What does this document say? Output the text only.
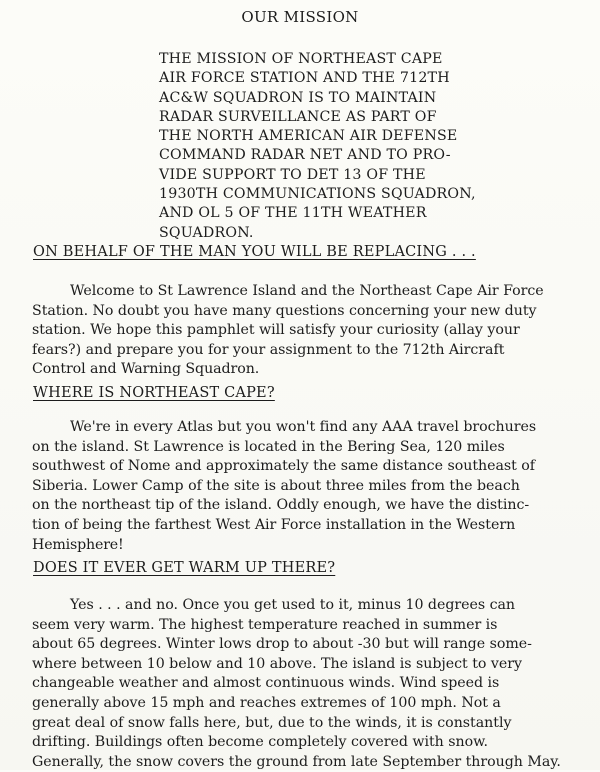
OUR MISSION
THE MISSION OF NORTHEAST CAPE
AIR FORCE STATION AND THE 712TH
AC&W SQUADRON IS TO MAINTAIN
RADAR SURVEILLANCE AS PART OF
THE NORTH AMERICAN AIR DEFENSE
COMMAND RADAR NET AND TO PRO-
VIDE SUPPORT TO DET 13 OF THE
1930TH COMMUNICATIONS SQUADRON,
AND OL 5 OF THE 11TH WEATHER
SQUADRON.
ON BEHALF OF THE MAN YOU WILL BE REPLACING . . .
Welcome to St Lawrence Island and the Northeast Cape Air Force
Station. No doubt you have many questions concerning your new duty
station. We hope this pamphlet will satisfy your curiosity (allay your
fears?) and prepare you for your assignment to the 712th Aircraft
Control and Warning Squadron.
WHERE IS NORTHEAST CAPE?
We're in every Atlas but you won't find any AAA travel brochures
on the island. St Lawrence is located in the Bering Sea, 120 miles
southwest of Nome and approximately the same distance southeast of
Siberia. Lower Camp of the site is about three miles from the beach
on the northeast tip of the island. Oddly enough, we have the distinc-
tion of being the farthest West Air Force installation in the Western
Hemisphere!
DOES IT EVER GET WARM UP THERE?
Yes . . . and no. Once you get used to it, minus 10 degrees can
seem very warm. The highest temperature reached in summer is
about 65 degrees. Winter lows drop to about -30 but will range some-
where between 10 below and 10 above. The island is subject to very
changeable weather and almost continuous winds. Wind speed is
generally above 15 mph and reaches extremes of 100 mph. Not a
great deal of snow falls here, but, due to the winds, it is constantly
drifting. Buildings often become completely covered with snow.
Generally, the snow covers the ground from late September through May.
